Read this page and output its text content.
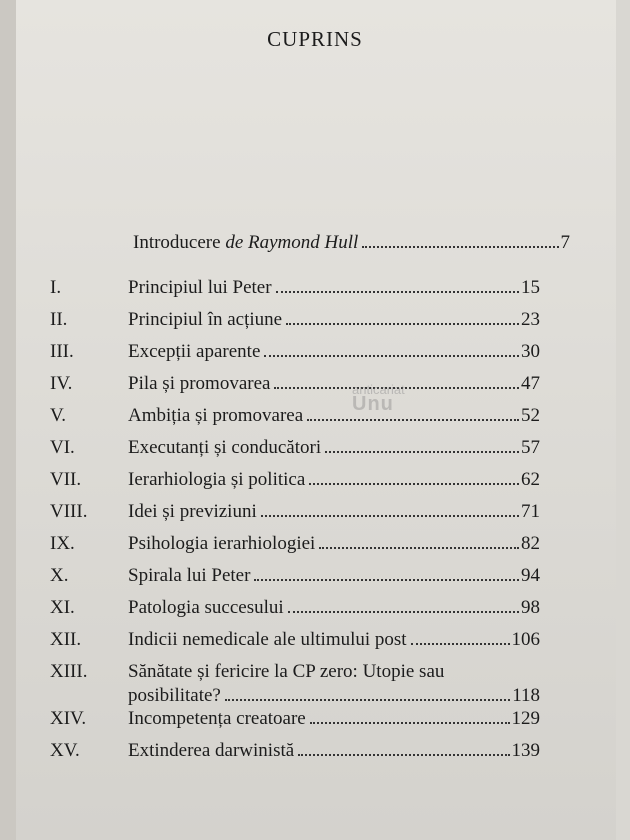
CUPRINS
Introducere de Raymond Hull	7
I.	Principiul lui Peter	15
II.	Principiul în acțiune	23
III.	Excepții aparente	30
IV.	Pila și promovarea	47
V.	Ambiția și promovarea	52
VI.	Executanți și conducători	57
VII.	Ierarhiologia și politica	62
VIII.	Idei și previziuni	71
IX.	Psihologia ierarhiologiei	82
X.	Spirala lui Peter	94
XI.	Patologia succesului	98
XII.	Indicii nemedicale ale ultimului post	106
XIII.	Sănătate și fericire la CP zero: Utopie sau
posibilitate?	118
XIV.	Incompetența creatoare	129
XV.	Extinderea darwinistă	139
anticariat
Unu
